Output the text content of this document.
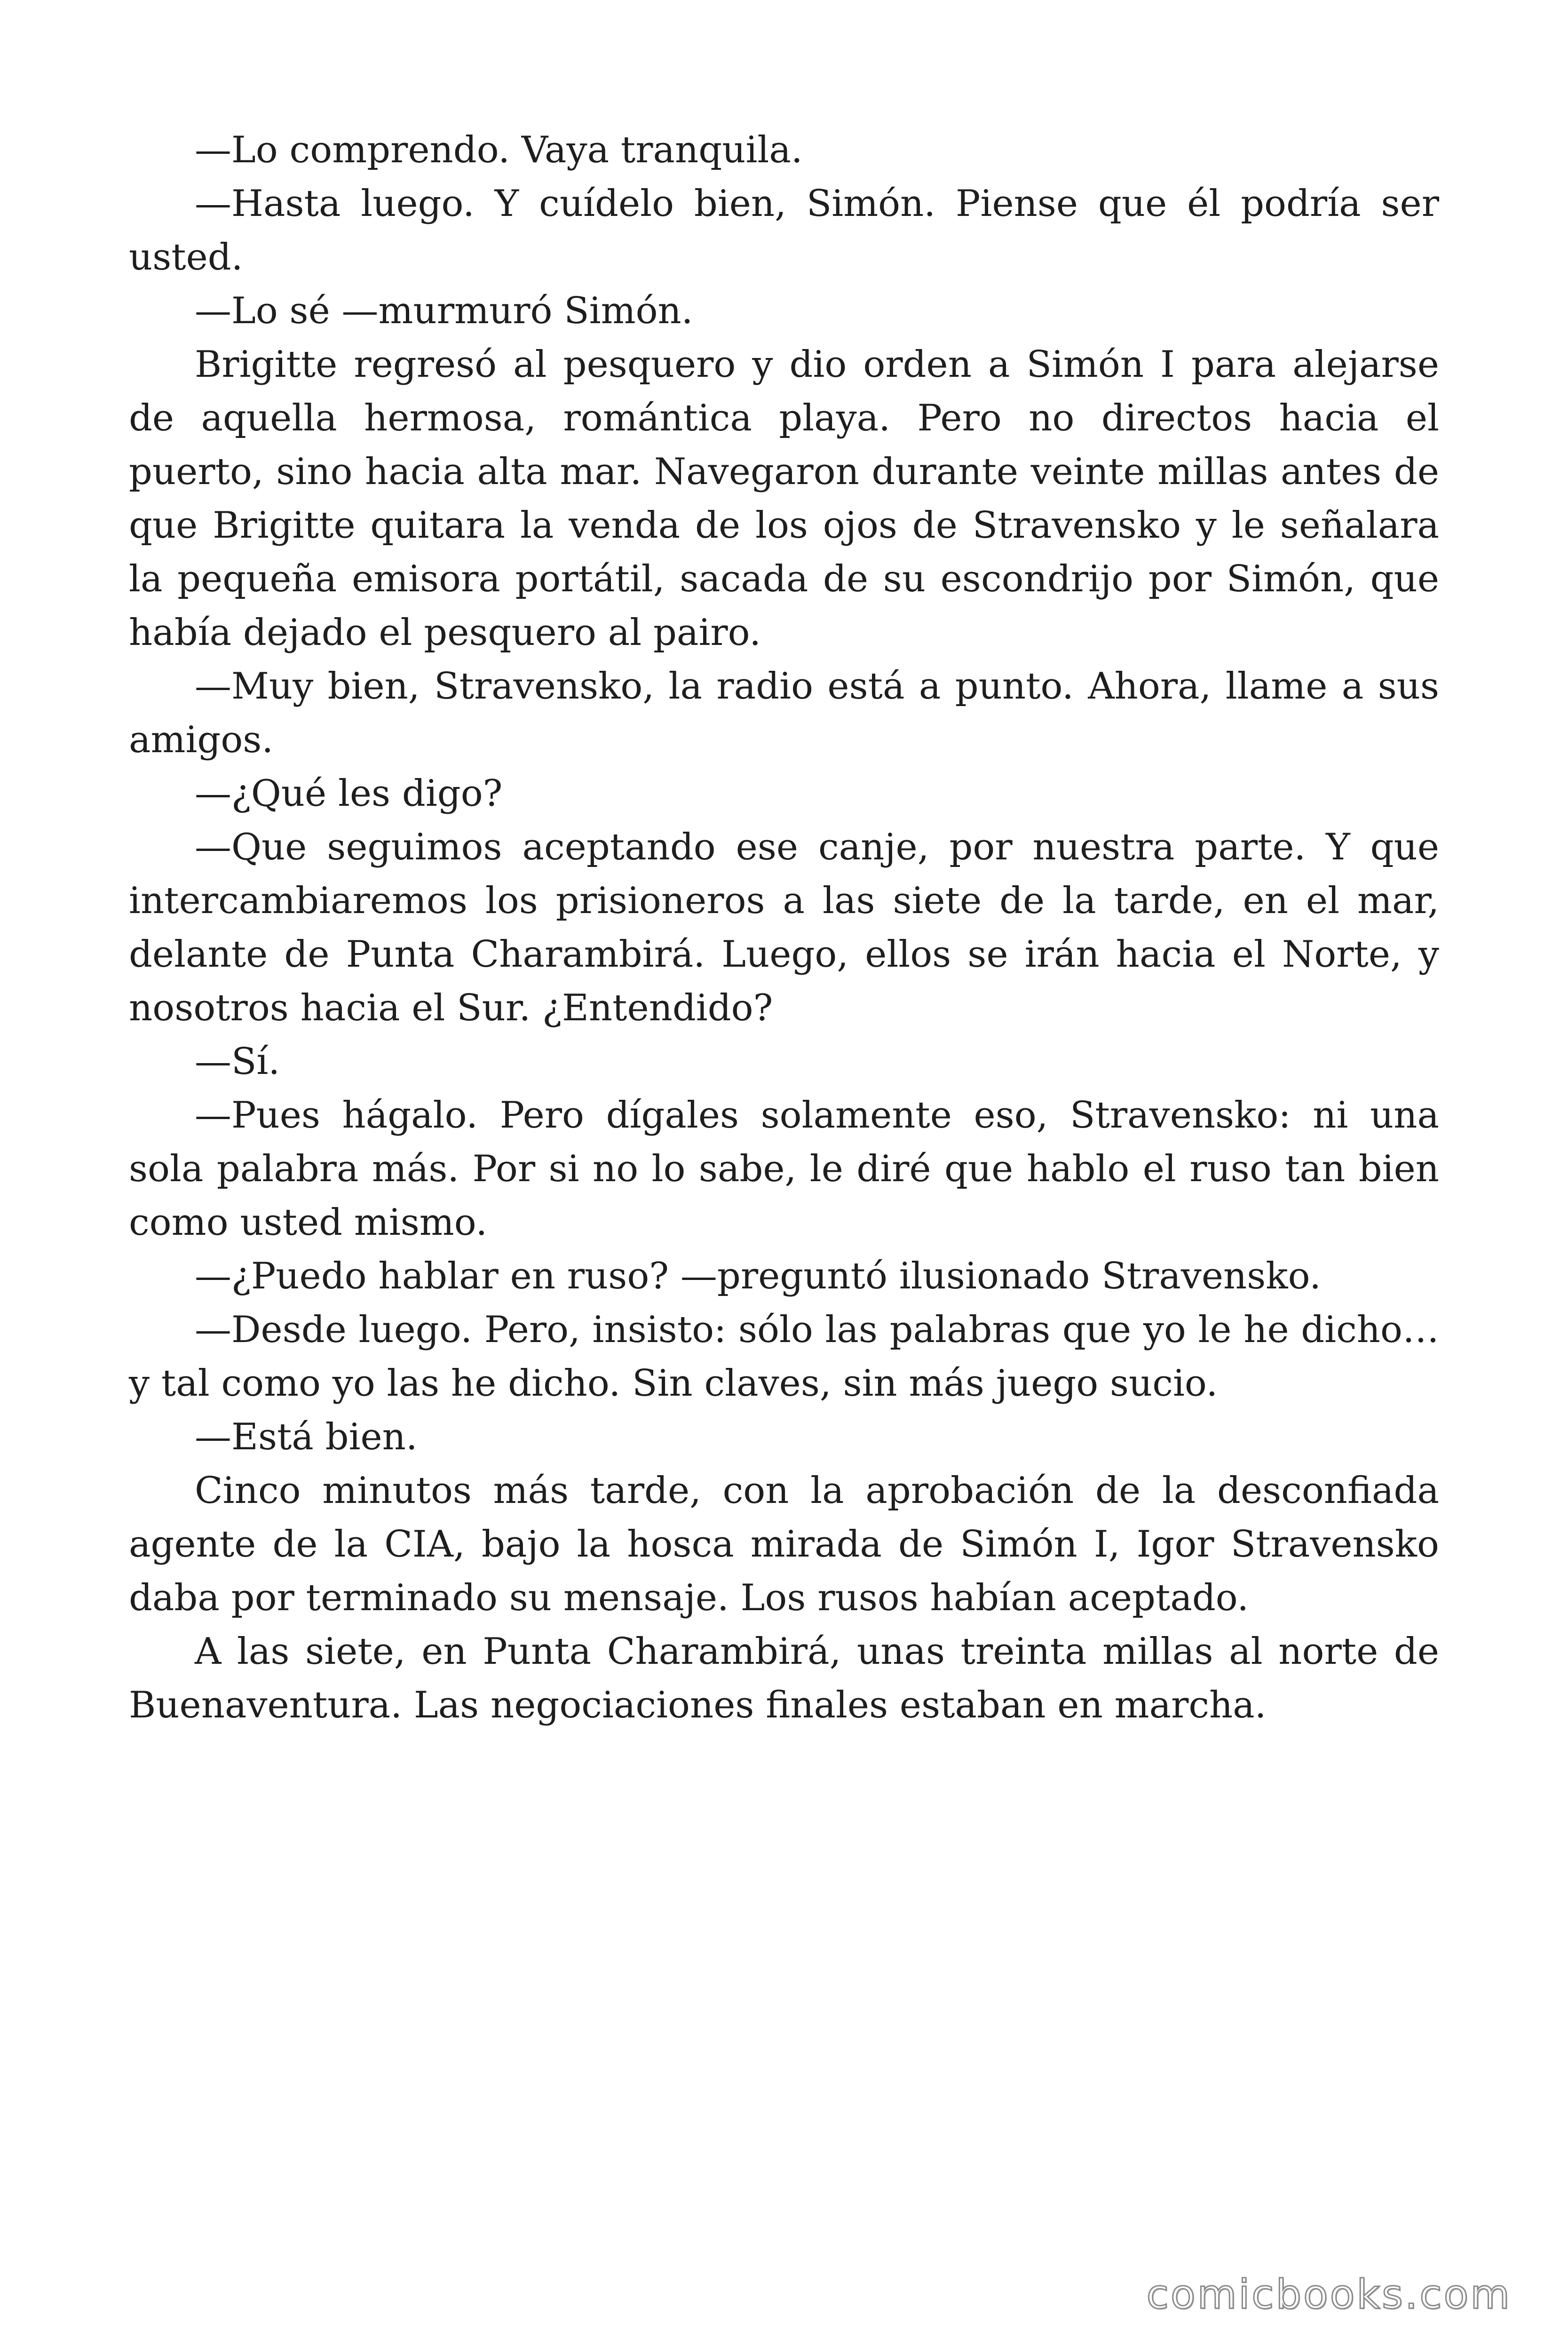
—Lo comprendo. Vaya tranquila.

—Hasta luego. Y cuídelo bien, Simón. Piense que él podría ser usted.

—Lo sé —murmuró Simón.

Brigitte regresó al pesquero y dio orden a Simón I para alejarse de aquella hermosa, romántica playa. Pero no directos hacia el puerto, sino hacia alta mar. Navegaron durante veinte millas antes de que Brigitte quitara la venda de los ojos de Stravensko y le señalara la pequeña emisora portátil, sacada de su escondrijo por Simón, que había dejado el pesquero al pairo.

—Muy bien, Stravensko, la radio está a punto. Ahora, llame a sus amigos.

—¿Qué les digo?

—Que seguimos aceptando ese canje, por nuestra parte. Y que intercambiaremos los prisioneros a las siete de la tarde, en el mar, delante de Punta Charambirá. Luego, ellos se irán hacia el Norte, y nosotros hacia el Sur. ¿Entendido?

—Sí.

—Pues hágalo. Pero dígales solamente eso, Stravensko: ni una sola palabra más. Por si no lo sabe, le diré que hablo el ruso tan bien como usted mismo.

—¿Puedo hablar en ruso? —preguntó ilusionado Stravensko.

—Desde luego. Pero, insisto: sólo las palabras que yo le he dicho… y tal como yo las he dicho. Sin claves, sin más juego sucio.

—Está bien.

Cinco minutos más tarde, con la aprobación de la desconfiada agente de la CIA, bajo la hosca mirada de Simón I, Igor Stravensko daba por terminado su mensaje. Los rusos habían aceptado.

A las siete, en Punta Charambirá, unas treinta millas al norte de Buenaventura. Las negociaciones finales estaban en marcha.

comicbooks.com
